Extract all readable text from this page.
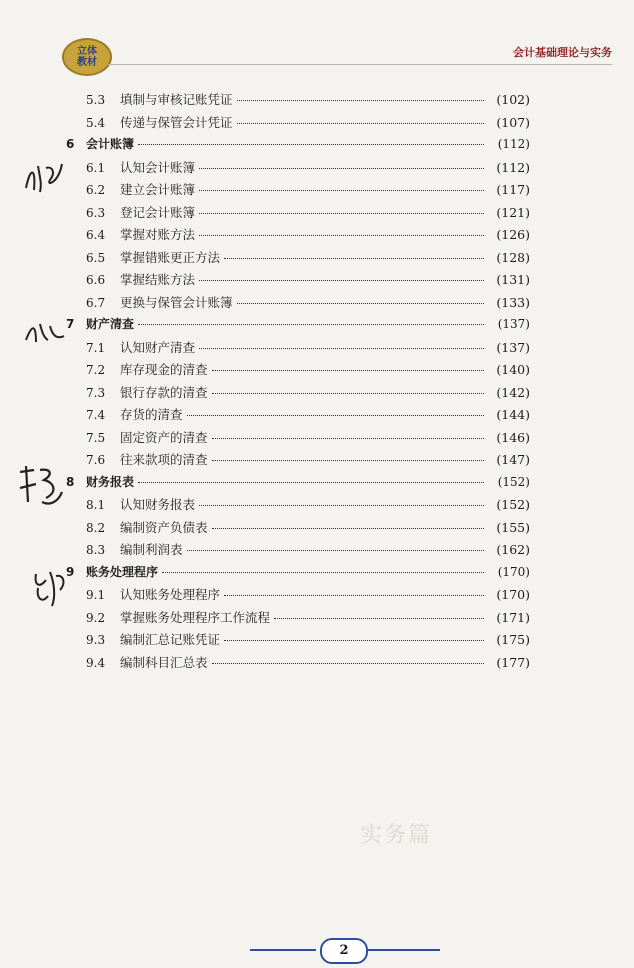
立体
教材
会计基础理论与实务
实务篇
5.3	填制与审核记账凭证	(102)
5.4	传递与保管会计凭证	(107)
6 会计账簿	(112)
6.1	认知会计账簿	(112)
6.2	建立会计账簿	(117)
6.3	登记会计账簿	(121)
6.4	掌握对账方法	(126)
6.5	掌握错账更正方法	(128)
6.6	掌握结账方法	(131)
6.7	更换与保管会计账簿	(133)
7 财产清查	(137)
7.1	认知财产清查	(137)
7.2	库存现金的清查	(140)
7.3	银行存款的清查	(142)
7.4	存货的清查	(144)
7.5	固定资产的清查	(146)
7.6	往来款项的清查	(147)
8 财务报表	(152)
8.1	认知财务报表	(152)
8.2	编制资产负债表	(155)
8.3	编制利润表	(162)
9 账务处理程序	(170)
9.1	认知账务处理程序	(170)
9.2	掌握账务处理程序工作流程	(171)
9.3	编制汇总记账凭证	(175)
9.4	编制科目汇总表	(177)
2
